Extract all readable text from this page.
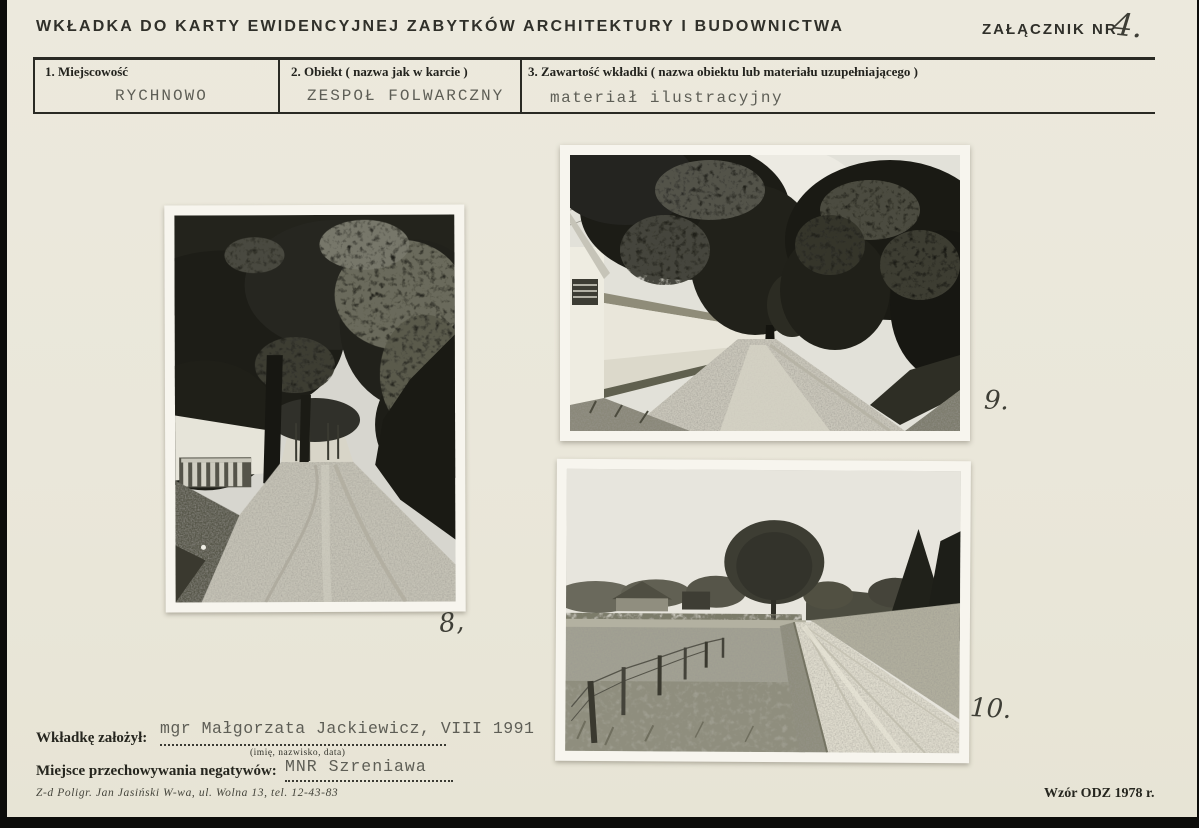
WKŁADKA DO KARTY EWIDENCYJNEJ ZABYTKÓW ARCHITEKTURY I BUDOWNICTWA	ZAŁĄCZNIK NR
4.
1. Miejscowość
RYCHNOWO
2. Obiekt ( nazwa jak w karcie )
ZESPOŁ FOLWARCZNY
3. Zawartość wkładki ( nazwa obiektu lub materiału uzupełniającego )
materiał ilustracyjny
8,
9.
10.
Wkładkę założył: mgr Małgorzata Jackiewicz, VIII 1991
(imię, nazwisko, data)
Miejsce przechowywania negatywów: MNR Szreniawa
Z-d Poligr. Jan Jasiński W-wa, ul. Wolna 13, tel. 12-43-83	Wzór ODZ 1978 r.
